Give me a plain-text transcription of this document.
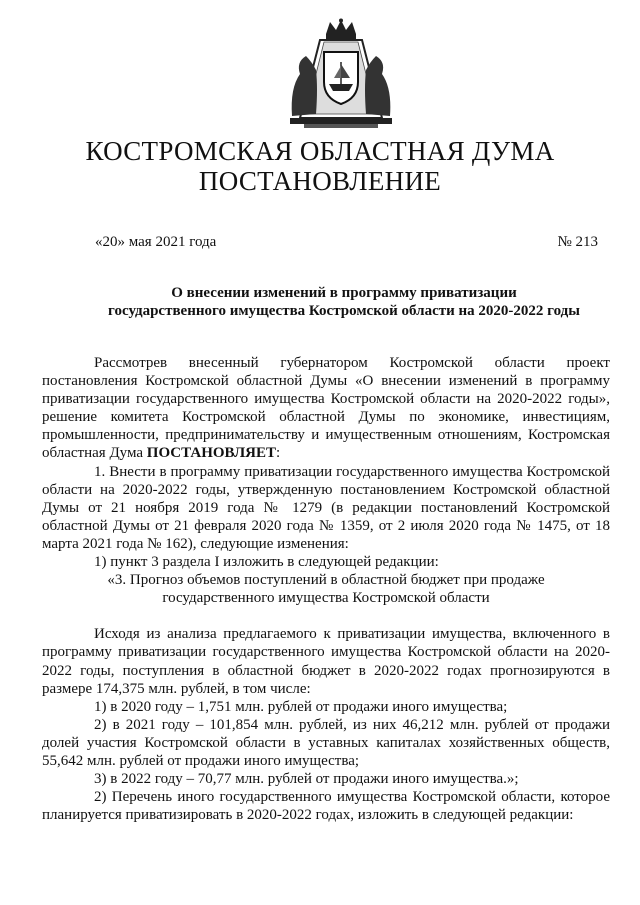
КОСТРОМСКАЯ ОБЛАСТНАЯ ДУМА
ПОСТАНОВЛЕНИЕ
«20» мая 2021 года	№ 213
О внесении изменений в программу приватизации
государственного имущества Костромской области на 2020-2022 годы

Рассмотрев внесенный губернатором Костромской области проект постановления Костромской областной Думы «О внесении изменений в программу приватизации государственного имущества Костромской области на 2020-2022 годы», решение комитета Костромской областной Думы по экономике, инвестициям, промышленности, предпринимательству и имущественным отношениям, Костромская областная Дума ПОСТАНОВЛЯЕТ:

1. Внести в программу приватизации государственного имущества Костромской области на 2020-2022 годы, утвержденную постановлением Костромской областной Думы от 21 ноября 2019 года № 1279 (в редакции постановлений Костромской областной Думы от 21 февраля 2020 года № 1359, от 2 июля 2020 года № 1475, от 18 марта 2021 года № 162), следующие изменения:

1) пункт 3 раздела I изложить в следующей редакции:

«3. Прогноз объемов поступлений в областной бюджет при продаже

государственного имущества Костромской области

Исходя из анализа предлагаемого к приватизации имущества, включенного в программу приватизации государственного имущества Костромской области на 2020-2022 годы, поступления в областной бюджет в 2020-2022 годах прогнозируются в размере 174,375 млн. рублей, в том числе:

1) в 2020 году – 1,751 млн. рублей от продажи иного имущества;

2) в 2021 году – 101,854 млн. рублей, из них 46,212 млн. рублей от продажи долей участия Костромской области в уставных капиталах хозяйственных обществ, 55,642 млн. рублей от продажи иного имущества;

3) в 2022 году – 70,77 млн. рублей от продажи иного имущества.»;

2) Перечень иного государственного имущества Костромской области, которое планируется приватизировать в 2020-2022 годах, изложить в следующей редакции:
